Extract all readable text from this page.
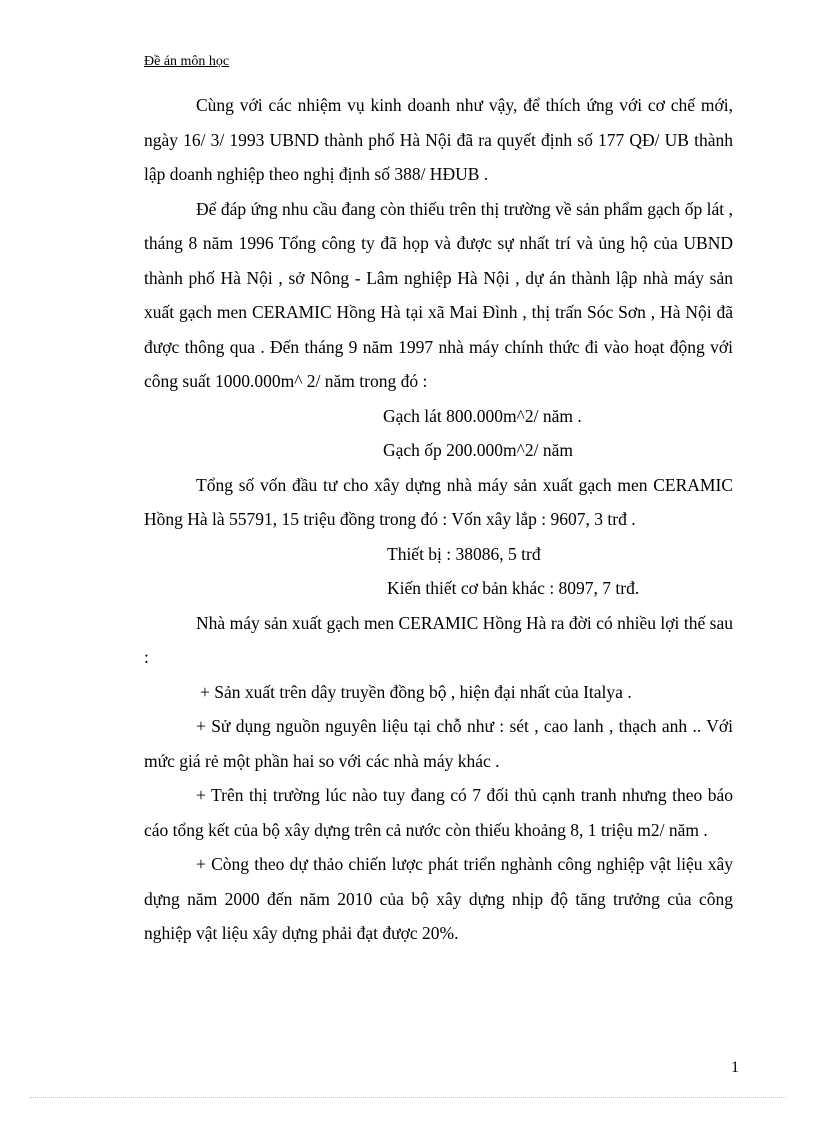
Đề án môn học

Cùng với các nhiệm vụ kinh doanh như vậy, để thích ứng với cơ chế mới, ngày 16/ 3/ 1993 UBND thành phố Hà Nội đã ra quyết định số 177 QĐ/ UB thành lập doanh nghiệp theo nghị định số 388/ HĐUB .

Để đáp ứng nhu cầu đang còn thiếu trên thị trường về sản phẩm gạch ốp lát , tháng 8 năm 1996 Tổng công ty đã họp và được sự nhất trí và ủng hộ của UBND thành phố Hà Nội , sở Nông - Lâm nghiệp Hà Nội , dự án thành lập nhà máy sản xuất gạch men CERAMIC Hồng Hà tại xã Mai Đình , thị trấn Sóc Sơn , Hà Nội đã được thông qua . Đến tháng 9 năm 1997 nhà máy chính thức đi vào hoạt động với công suất 1000.000m^ 2/ năm trong đó :

Gạch lát 800.000m^2/ năm .

Gạch ốp 200.000m^2/ năm

Tổng số vốn đầu tư cho xây dựng nhà máy sản xuất gạch men CERAMIC Hồng Hà là 55791, 15 triệu đồng trong đó : Vốn xây lắp : 9607, 3 trđ .

Thiết bị : 38086, 5 trđ

Kiến thiết cơ bản khác : 8097, 7 trđ.

Nhà máy sản xuất gạch men CERAMIC Hồng Hà ra đời có nhiều lợi thế sau :

+ Sản xuất trên dây truyền đồng bộ , hiện đại nhất của Italya .

+ Sử dụng nguồn nguyên liệu tại chỗ như : sét , cao lanh , thạch anh .. Với mức giá rẻ một phần hai so với các nhà máy khác .

+ Trên thị trường lúc nào tuy đang có 7 đối thủ cạnh tranh nhưng theo báo cáo tổng kết của bộ xây dựng trên cả nước còn thiếu khoảng 8, 1 triệu m2/ năm .

+ Còng theo dự thảo chiến lược phát triển nghành công nghiệp vật liệu xây dựng năm 2000 đến năm 2010 của bộ xây dựng nhịp độ tăng trưởng của công nghiệp vật liệu xây dựng phải đạt được 20%.

1
